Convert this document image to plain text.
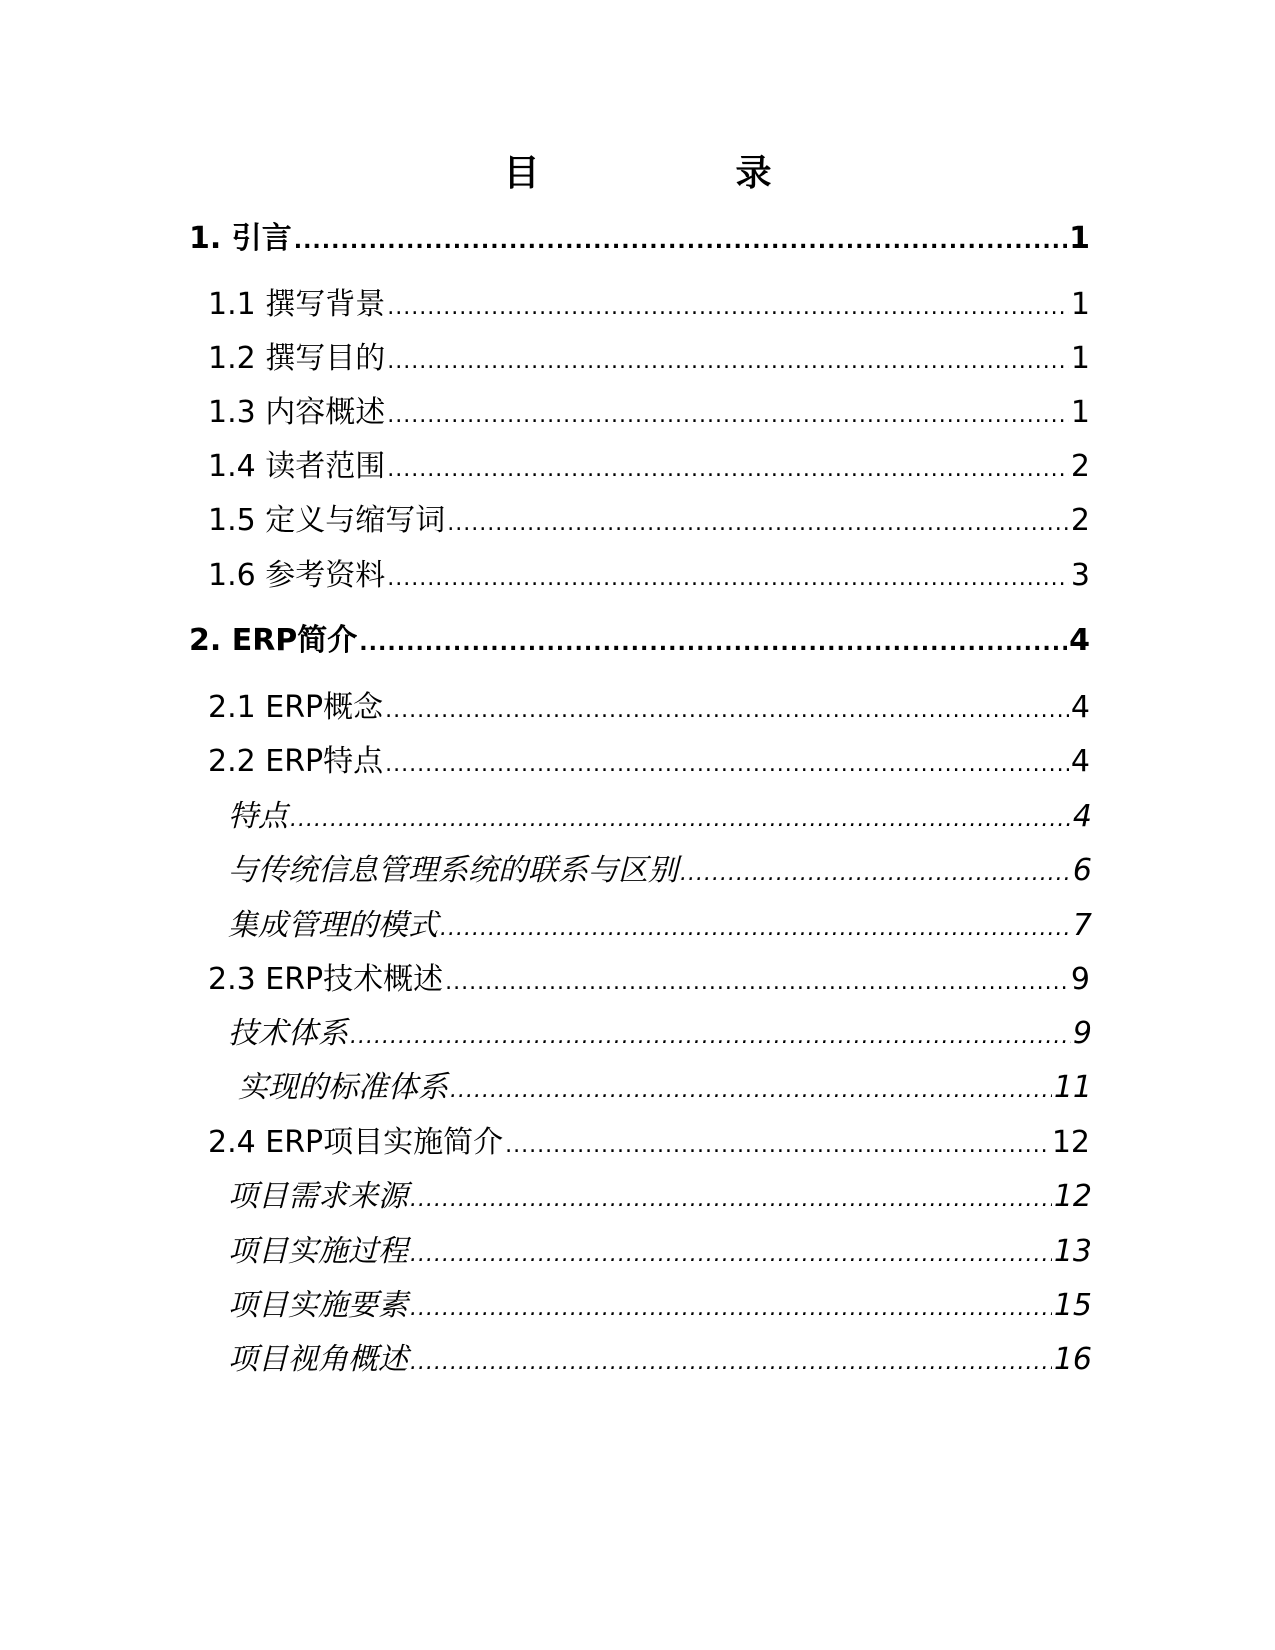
目　录
1. 引言 .....	1
1.1 撰写背景 .....	1
1.2 撰写目的 .....	1
1.3 内容概述 .....	1
1.4 读者范围 .....	2
1.5 定义与缩写词 .....	2
1.6 参考资料 .....	3
2. ERP简介 .....	4
2.1 ERP概念 .....	4
2.2 ERP特点 .....	4
特点 .....	4
与传统信息管理系统的联系与区别 .....	6
集成管理的模式 .....	7
2.3 ERP技术概述 .....	9
技术体系 .....	9
实现的标准体系 .....	11
2.4 ERP项目实施简介 .....	12
项目需求来源 .....	12
项目实施过程 .....	13
项目实施要素 .....	15
项目视角概述 .....	16
